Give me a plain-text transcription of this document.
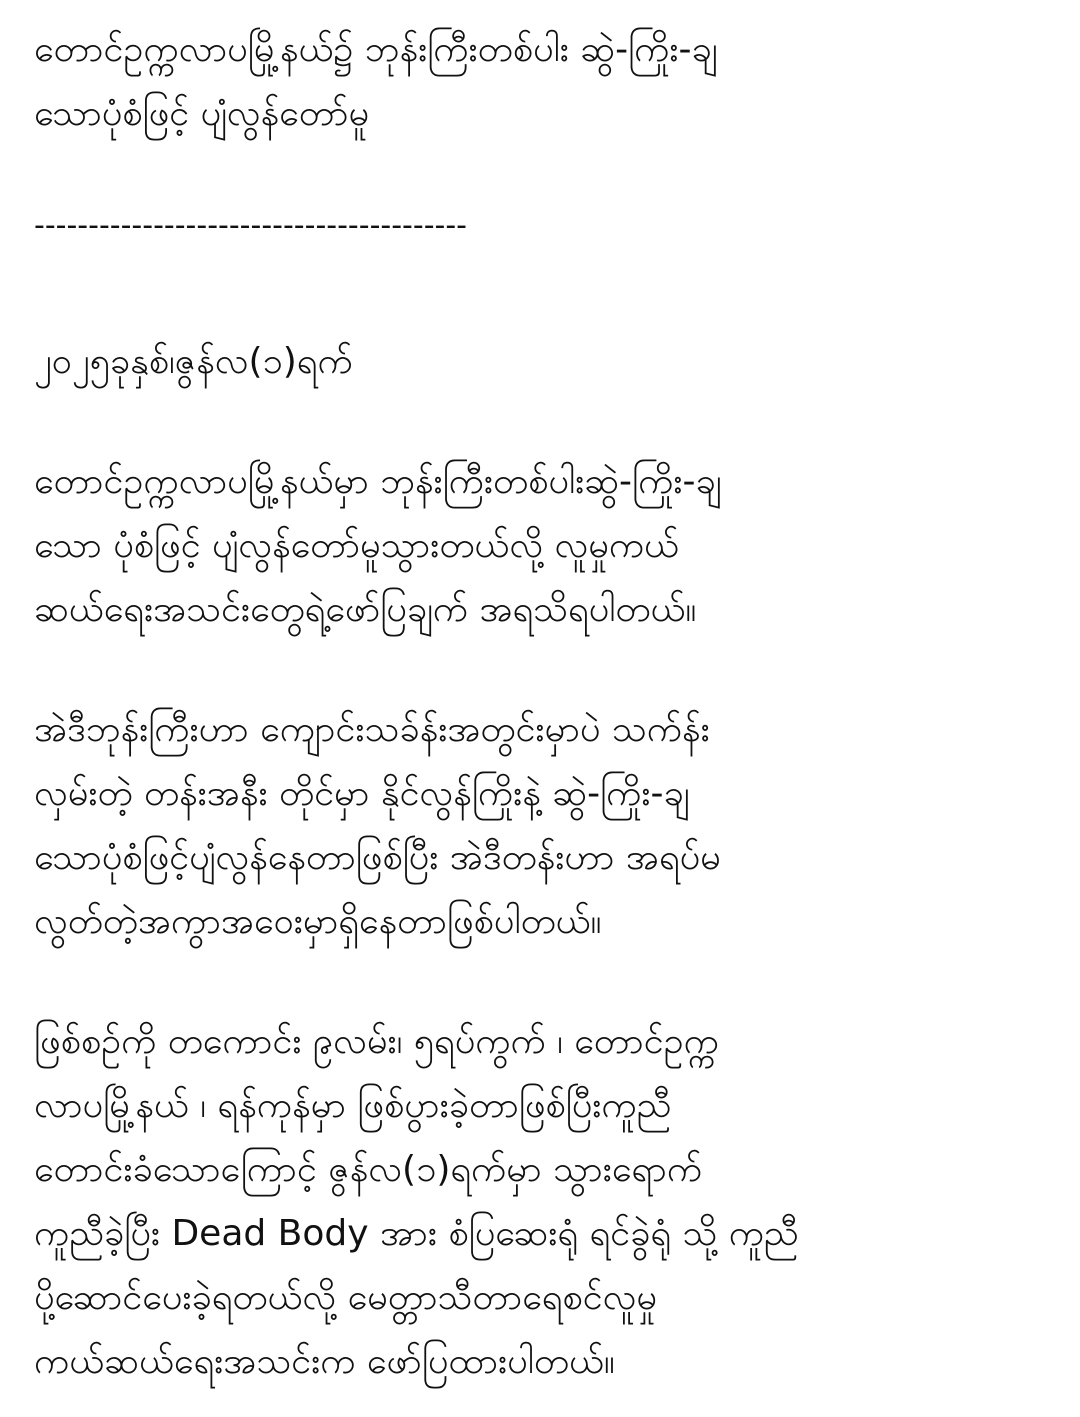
တောင်ဥက္ကလာပမြို့နယ်၌ ဘုန်းကြီးတစ်ပါး ဆွဲ-ကြိုး-ချ
သောပုံစံဖြင့် ပျံလွန်တော်မူ

----------------------------------------

၂၀၂၅ခုနှစ်၊ဇွန်လ(၁)ရက်

တောင်ဥက္ကလာပမြို့နယ်မှာ ဘုန်းကြီးတစ်ပါးဆွဲ-ကြိုး-ချ
သော ပုံစံဖြင့် ပျံလွန်တော်မူသွားတယ်လို့ လူမှုကယ်
ဆယ်ရေးအသင်းတွေရဲ့ဖော်ပြချက် အရသိရပါတယ်။

အဲဒီဘုန်းကြီးဟာ ကျောင်းသခ်န်းအတွင်းမှာပဲ သက်န်း
လှမ်းတဲ့ တန်းအနီး တိုင်မှာ နိုင်လွန်ကြိုးနဲ့ ဆွဲ-ကြိုး-ချ
သောပုံစံဖြင့်ပျံလွန်နေတာဖြစ်ပြီး အဲဒီတန်းဟာ အရပ်မ
လွတ်တဲ့အကွာအဝေးမှာရှိနေတာဖြစ်ပါတယ်။

ဖြစ်စဉ်ကို တကောင်း ၉လမ်း၊ ၅ရပ်ကွက် ၊ တောင်ဥက္က
လာပမြို့နယ် ၊ ရန်ကုန်မှာ ဖြစ်ပွားခဲ့တာဖြစ်ပြီးကူညီ
တောင်းခံသောကြောင့် ဇွန်လ(၁)ရက်မှာ သွားရောက်
ကူညီခဲ့ပြီး Dead Body အား စံပြဆေးရုံ ရင်ခွဲရုံ သို့ ကူညီ
ပို့ဆောင်ပေးခဲ့ရတယ်လို့ မေတ္တာသီတာရေစင်လူမှု
ကယ်ဆယ်ရေးအသင်းက ဖော်ပြထားပါတယ်။
